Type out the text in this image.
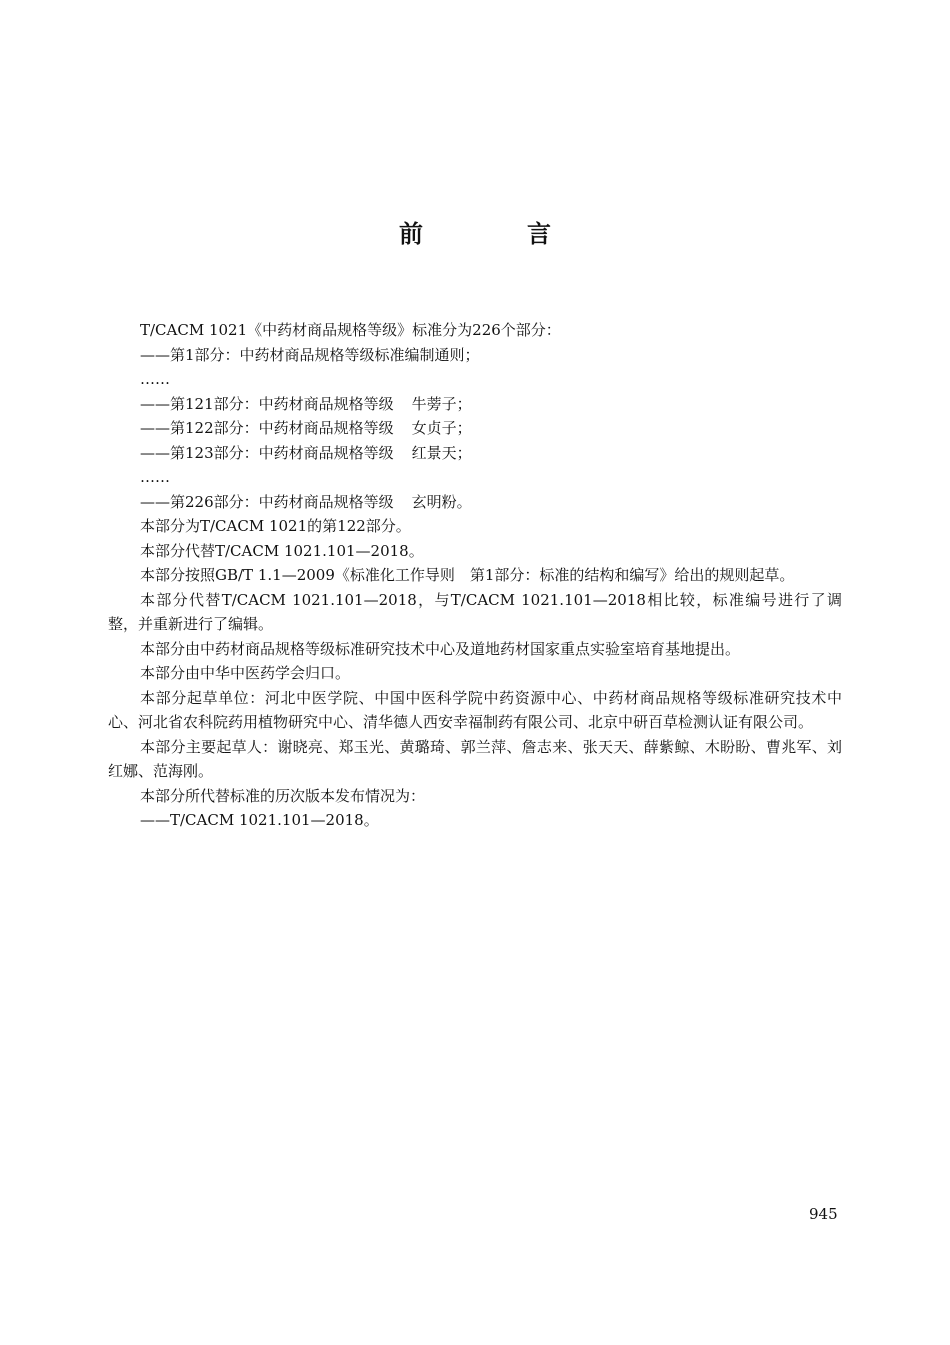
前　言

T/CACM 1021《中药材商品规格等级》标准分为226个部分：

——第1部分：中药材商品规格等级标准编制通则；

……

——第121部分：中药材商品规格等级 牛蒡子；

——第122部分：中药材商品规格等级 女贞子；

——第123部分：中药材商品规格等级 红景天；

……

——第226部分：中药材商品规格等级 玄明粉。

本部分为T/CACM 1021的第122部分。

本部分代替T/CACM 1021.101—2018。

本部分按照GB/T 1.1—2009《标准化工作导则　第1部分：标准的结构和编写》给出的规则起草。

本部分代替T/CACM 1021.101—2018，与T/CACM 1021.101—2018相比较，标准编号进行了调整，并重新进行了编辑。

本部分由中药材商品规格等级标准研究技术中心及道地药材国家重点实验室培育基地提出。

本部分由中华中医药学会归口。

本部分起草单位：河北中医学院、中国中医科学院中药资源中心、中药材商品规格等级标准研究技术中心、河北省农科院药用植物研究中心、清华德人西安幸福制药有限公司、北京中研百草检测认证有限公司。

本部分主要起草人：谢晓亮、郑玉光、黄璐琦、郭兰萍、詹志来、张天天、薛紫鲸、木盼盼、曹兆军、刘红娜、范海刚。

本部分所代替标准的历次版本发布情况为：

——T/CACM 1021.101—2018。

945
